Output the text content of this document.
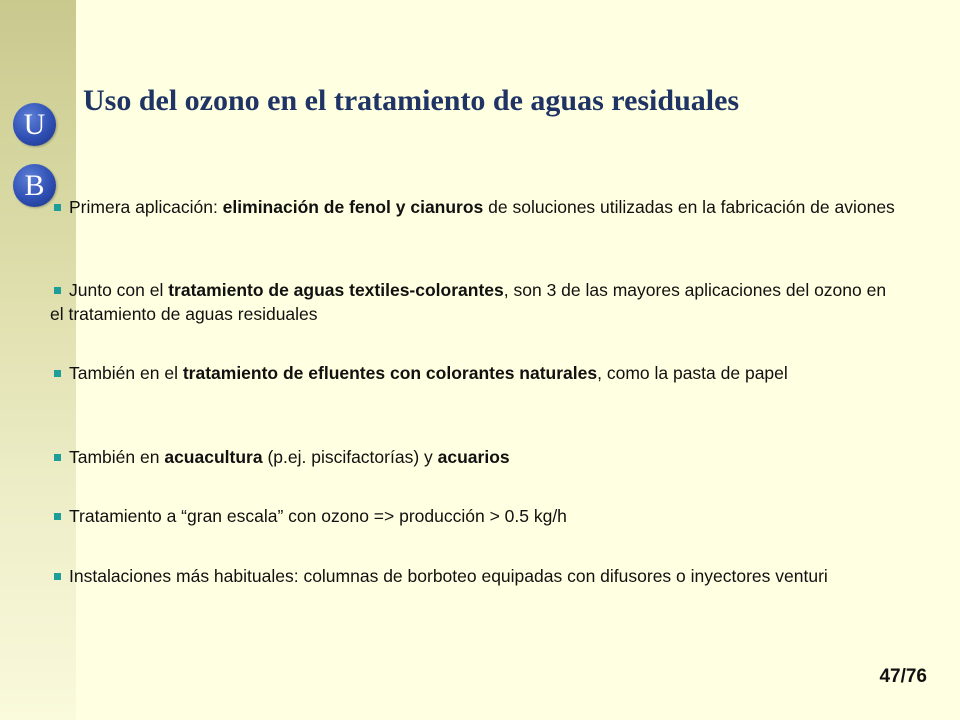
U
B
Uso del ozono en el tratamiento de aguas residuales
Primera aplicación: eliminación de fenol y cianuros de soluciones utilizadas en la fabricación de aviones
Junto con el tratamiento de aguas textiles-colorantes, son 3 de las mayores aplicaciones del ozono en el tratamiento de aguas residuales
También en el tratamiento de efluentes con colorantes naturales, como la pasta de papel
También en acuacultura (p.ej. piscifactorías) y acuarios
Tratamiento a “gran escala” con ozono => producción > 0.5 kg/h
Instalaciones más habituales: columnas de borboteo equipadas con difusores o inyectores venturi
47/76
